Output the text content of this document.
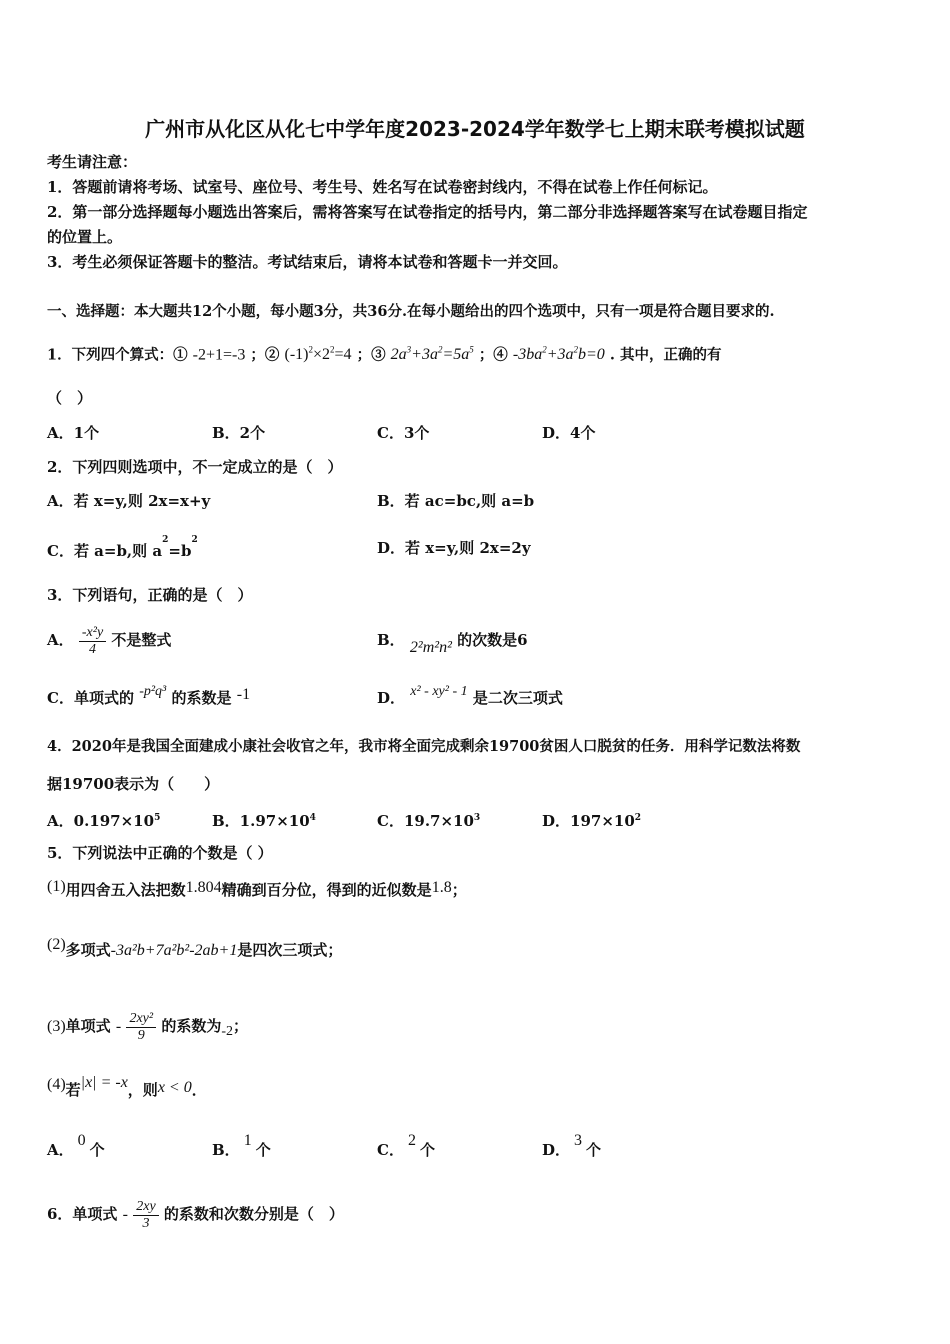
广州市从化区从化七中学年度2023-2024学年数学七上期末联考模拟试题
考生请注意：
1．答题前请将考场、试室号、座位号、考生号、姓名写在试卷密封线内，不得在试卷上作任何标记。
2．第一部分选择题每小题选出答案后，需将答案写在试卷指定的括号内，第二部分非选择题答案写在试卷题目指定
的位置上。
3．考生必须保证答题卡的整洁。考试结束后，请将本试卷和答题卡一并交回。
一、选择题：本大题共12个小题，每小题3分，共36分.在每小题给出的四个选项中，只有一项是符合题目要求的.
1．下列四个算式：① -2+1=-3 ；② $(-1)^2\times 2^2=4$ ；③ $2a^3+3a^2=5a^5$ ；④ $-3ba^2+3a^2b=0$ . 其中，正确的有
（　）
A．1个	B．2个	C．3个	D．4个
2．下列四则选项中，不一定成立的是（　）
A．若 x=y,则 2x=x+y	B．若 ac=bc,则 a=b
C．若 a=b,则 $a^2=b^2$	D．若 x=y,则 2x=2y
3．下列语句，正确的是（　）
A． $\frac{\text{-x²y}}{4}$ 不是整式	B． 2²m²n² 的次数是6
C．单项式的 -p²q³ 的系数是 -1	D． x² - xy² - 1 是二次三项式
4．2020年是我国全面建成小康社会收官之年，我市将全面完成剩余19700贫困人口脱贫的任务．用科学记数法将数
据19700表示为（　　）
A．$0.197\times 10^5$	B．$1.97\times 10^4$	C．$19.7\times 10^3$	D．$197\times 10^2$
5．下列说法中正确的个数是（ ）
(1)用四舍五入法把数1.804精确到百分位，得到的近似数是1.8；
(2)多项式-3a²b+7a²b²-2ab+1是四次三项式；
(3)单项式 - $\frac{\text{2xy²}}{9}$ 的系数为-2；
(4)若|x| = -x，则x < 0．
A．0个	B．1个	C．2个	D．3个
6．单项式 - $\frac{2xy}{3}$ 的系数和次数分别是（　）
